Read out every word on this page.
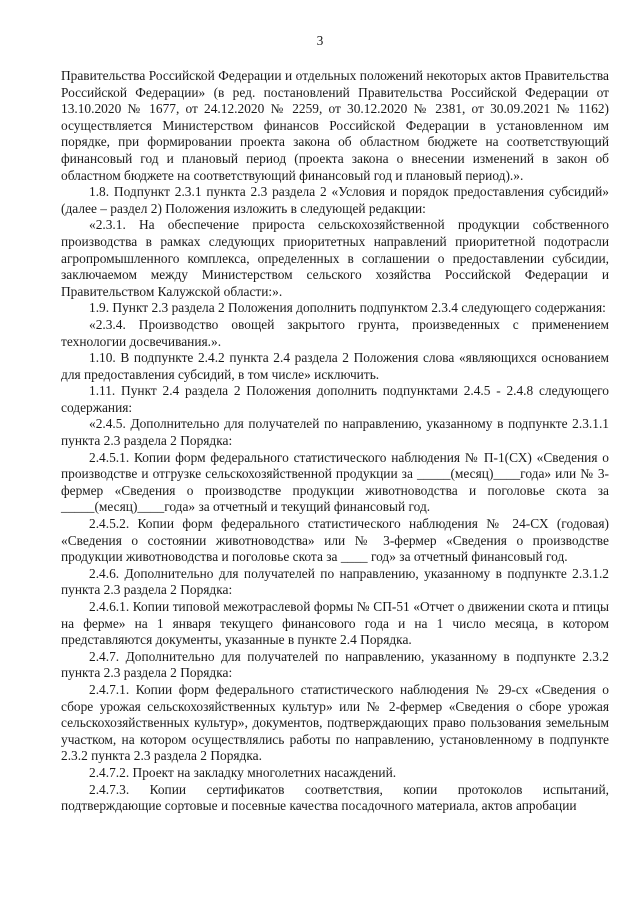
3

Правительства Российской Федерации и отдельных положений некоторых актов Правительства Российской Федерации» (в ред. постановлений Правительства Российской Федерации от 13.10.2020 № 1677, от 24.12.2020 № 2259, от 30.12.2020 № 2381, от 30.09.2021 № 1162) осуществляется Министерством финансов Российской Федерации в установленном им порядке, при формировании проекта закона об областном бюджете на соответствующий финансовый год и плановый период (проекта закона о внесении изменений в закон об областном бюджете на соответствующий финансовый год и плановый период).».

1.8. Подпункт 2.3.1 пункта 2.3 раздела 2 «Условия и порядок предоставления субсидий» (далее – раздел 2) Положения изложить в следующей редакции:

«2.3.1. На обеспечение прироста сельскохозяйственной продукции собственного производства в рамках следующих приоритетных направлений приоритетной подотрасли агропромышленного комплекса, определенных в соглашении о предоставлении субсидии, заключаемом между Министерством сельского хозяйства Российской Федерации и Правительством Калужской области:».

1.9. Пункт 2.3 раздела 2 Положения дополнить подпунктом 2.3.4 следующего содержания:

«2.3.4. Производство овощей закрытого грунта, произведенных с применением технологии досвечивания.».

1.10. В подпункте 2.4.2 пункта 2.4 раздела 2 Положения слова «являющихся основанием для предоставления субсидий, в том числе» исключить.

1.11. Пункт 2.4 раздела 2 Положения дополнить подпунктами 2.4.5 - 2.4.8 следующего содержания:

«2.4.5. Дополнительно для получателей по направлению, указанному в подпункте 2.3.1.1 пункта 2.3 раздела 2 Порядка:

2.4.5.1. Копии форм федерального статистического наблюдения № П-1(СХ) «Сведения о производстве и отгрузке сельскохозяйственной продукции за _____(месяц)____года» или № 3-фермер «Сведения о производстве продукции животноводства и поголовье скота за _____(месяц)____года» за отчетный и текущий финансовый год.

2.4.5.2. Копии форм федерального статистического наблюдения № 24-СХ (годовая) «Сведения о состоянии животноводства» или № 3-фермер «Сведения о производстве продукции животноводства и поголовье скота за ____ год» за отчетный финансовый год.

2.4.6. Дополнительно для получателей по направлению, указанному в подпункте 2.3.1.2 пункта 2.3 раздела 2 Порядка:

2.4.6.1. Копии типовой межотраслевой формы № СП-51 «Отчет о движении скота и птицы на ферме» на 1 января текущего финансового года и на 1 число месяца, в котором представляются документы, указанные в пункте 2.4 Порядка.

2.4.7. Дополнительно для получателей по направлению, указанному в подпункте 2.3.2 пункта 2.3 раздела 2 Порядка:

2.4.7.1. Копии форм федерального статистического наблюдения № 29-сх «Сведения о сборе урожая сельскохозяйственных культур» или № 2-фермер «Сведения о сборе урожая сельскохозяйственных культур», документов, подтверждающих право пользования земельным участком, на котором осуществлялись работы по направлению, установленному в подпункте 2.3.2 пункта 2.3 раздела 2 Порядка.

2.4.7.2. Проект на закладку многолетних насаждений.

2.4.7.3. Копии сертификатов соответствия, копии протоколов испытаний, подтверждающие сортовые и посевные качества посадочного материала, актов апробации
